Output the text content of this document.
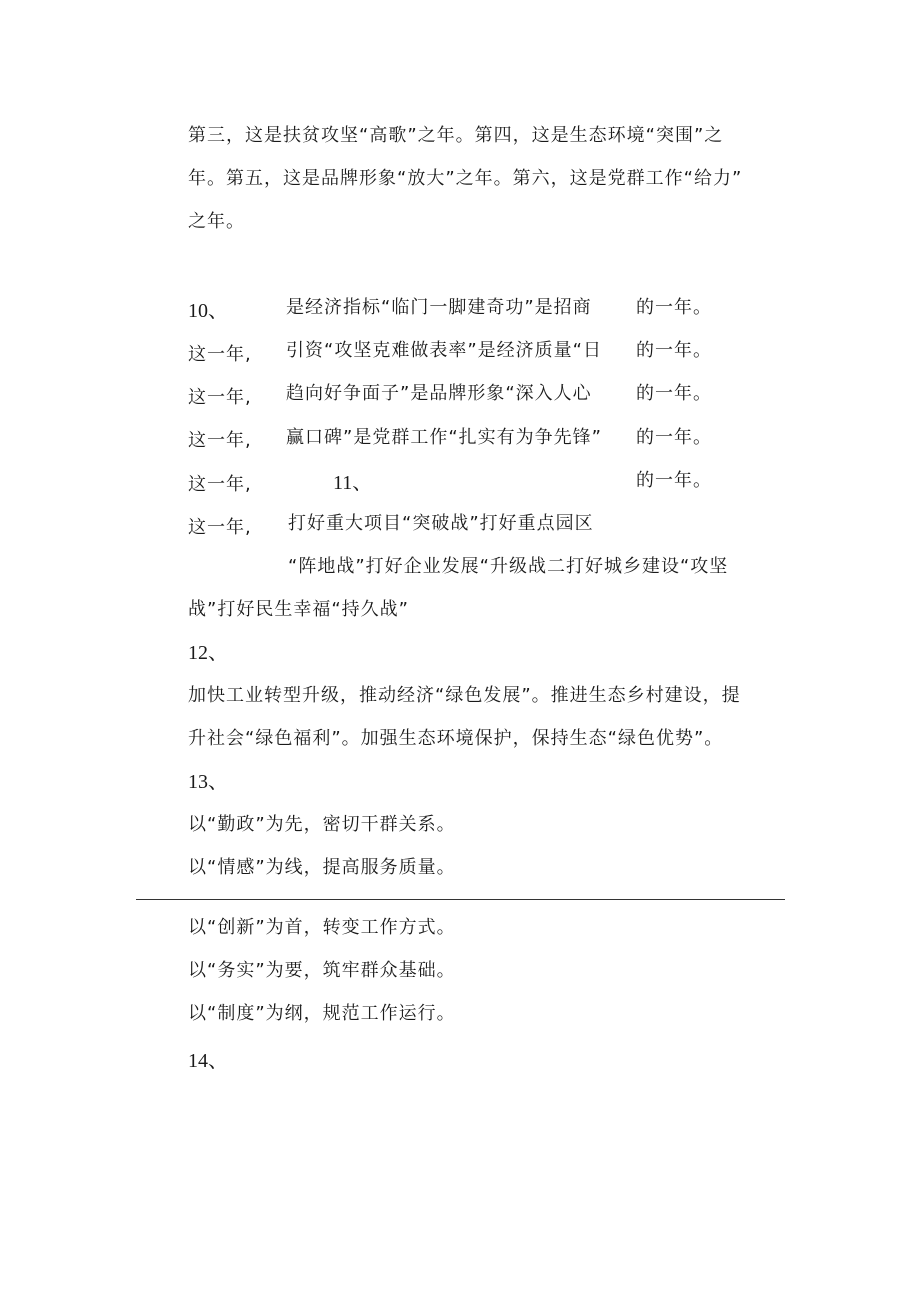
第三，这是扶贫攻坚“高歌”之年。第四，这是生态环境“突围”之
年。第五，这是品牌形象“放大”之年。第六，这是党群工作“给力”
之年。
10、
这一年,
这一年,
这一年,
这一年,
这一年,
是经济指标“临门一脚建奇功”是招商
引资“攻坚克难做表率”是经济质量“日
趋向好争面子”是品牌形象“深入人心
赢口碑”是党群工作“扎实有为争先锋”
的一年。
的一年。
的一年。
的一年。
的一年。
11、
打好重大项目“突破战”打好重点园区
“阵地战”打好企业发展“升级战二打好城乡建设“攻坚
战”打好民生幸福“持久战”
12、
加快工业转型升级，推动经济“绿色发展”。推进生态乡村建设，提
升社会“绿色福利”。加强生态环境保护，保持生态“绿色优势”。
13、
以“勤政”为先，密切干群关系。
以“情感”为线，提高服务质量。
以“创新”为首，转变工作方式。
以“务实”为要，筑牢群众基础。
以“制度”为纲，规范工作运行。
14、
